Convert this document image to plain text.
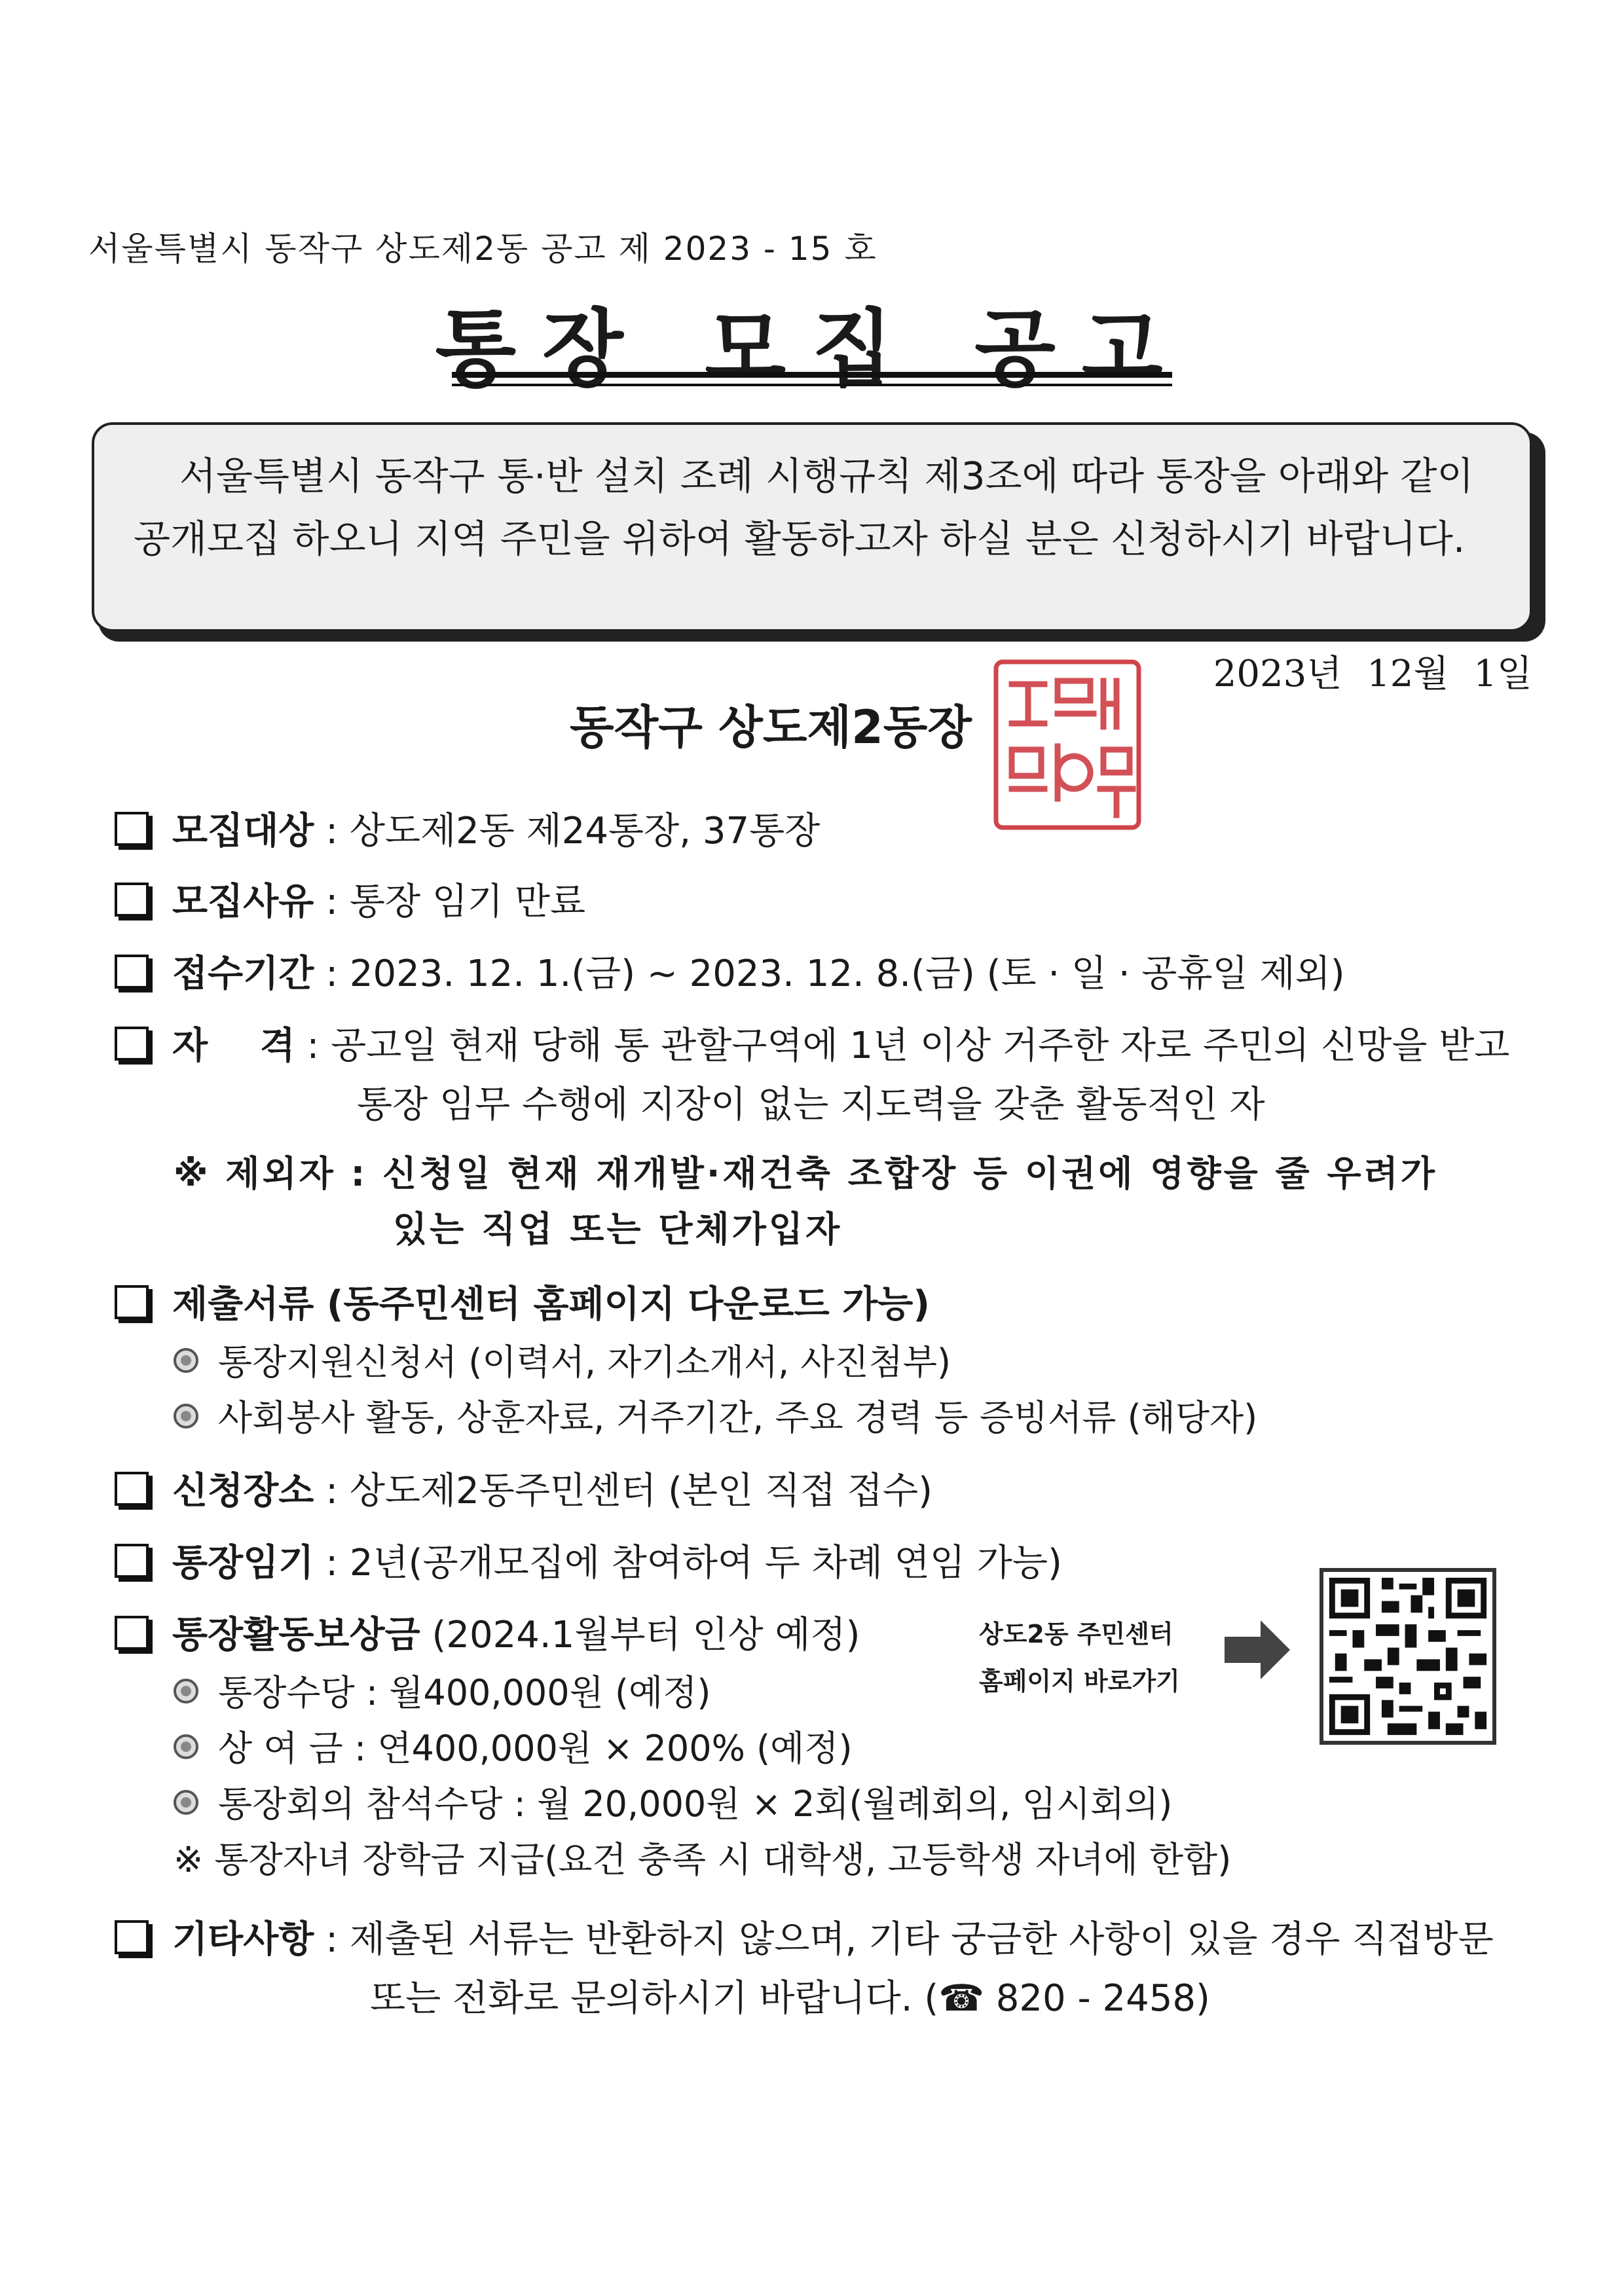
서울특별시 동작구 상도제2동 공고 제 2023 - 15 호
통장 모집 공고
서울특별시 동작구 통·반 설치 조례 시행규칙 제3조에 따라 통장을 아래와 같이 공개모집 하오니 지역 주민을 위하여 활동하고자 하실 분은 신청하시기 바랍니다.
2023년 12월 1일
동작구 상도제2동장
모집대상 : 상도제2동 제24통장, 37통장
모집사유 : 통장 임기 만료
접수기간 : 2023. 12. 1.(금) ~ 2023. 12. 8.(금) (토 · 일 · 공휴일 제외)
자 격 : 공고일 현재 당해 통 관할구역에 1년 이상 거주한 자로 주민의 신망을 받고
통장 임무 수행에 지장이 없는 지도력을 갖춘 활동적인 자
※ 제외자 : 신청일 현재 재개발·재건축 조합장 등 이권에 영향을 줄 우려가
있는 직업 또는 단체가입자
제출서류 (동주민센터 홈페이지 다운로드 가능)
통장지원신청서 (이력서, 자기소개서, 사진첨부)
사회봉사 활동, 상훈자료, 거주기간, 주요 경력 등 증빙서류 (해당자)
신청장소 : 상도제2동주민센터 (본인 직접 접수)
통장임기 : 2년(공개모집에 참여하여 두 차례 연임 가능)
통장활동보상금 (2024.1월부터 인상 예정)
통장수당 : 월400,000원 (예정)
상 여 금 : 연400,000원 × 200% (예정)
통장회의 참석수당 : 월 20,000원 × 2회(월례회의, 임시회의)
※ 통장자녀 장학금 지급(요건 충족 시 대학생, 고등학생 자녀에 한함)
상도2동 주민센터
홈페이지 바로가기
기타사항 : 제출된 서류는 반환하지 않으며, 기타 궁금한 사항이 있을 경우 직접방문
또는 전화로 문의하시기 바랍니다. (☎ 820 - 2458)
